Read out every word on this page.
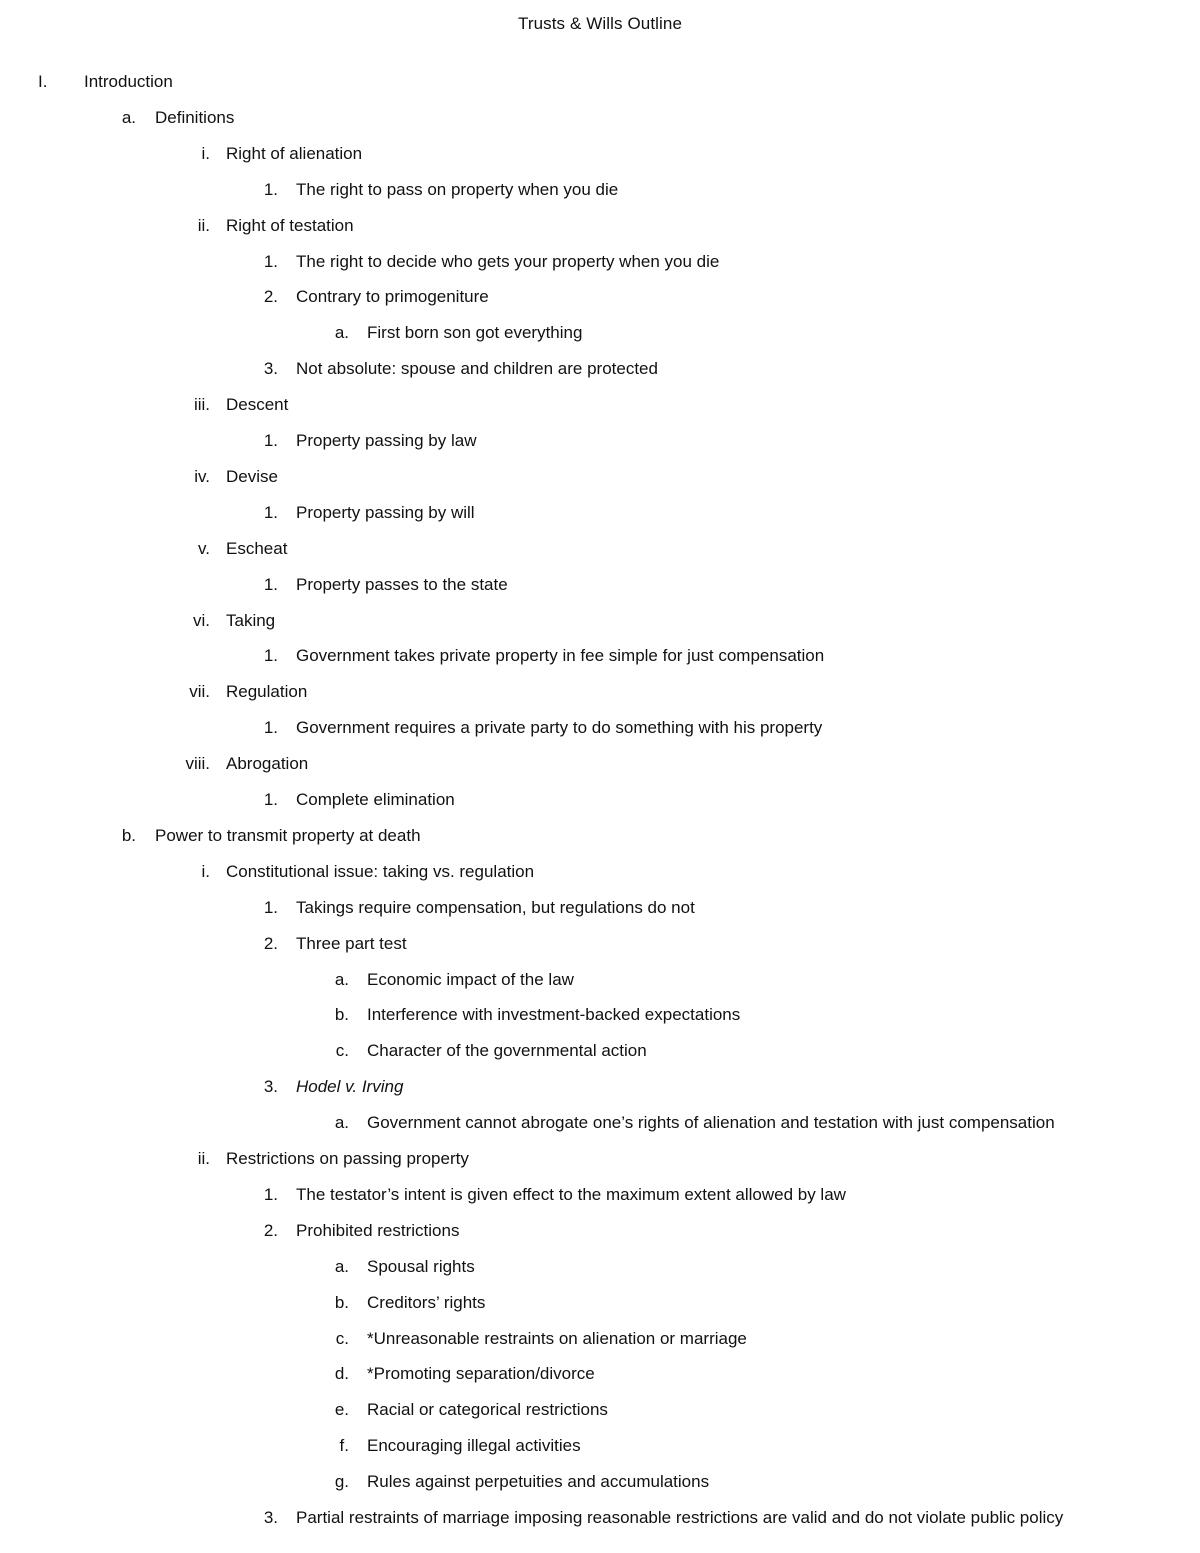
Trusts & Wills Outline
I.	Introduction
a. Definitions
i. Right of alienation
1. The right to pass on property when you die
ii. Right of testation
1. The right to decide who gets your property when you die
2. Contrary to primogeniture
a. First born son got everything
3. Not absolute: spouse and children are protected
iii. Descent
1. Property passing by law
iv. Devise
1. Property passing by will
v. Escheat
1. Property passes to the state
vi. Taking
1. Government takes private property in fee simple for just compensation
vii. Regulation
1. Government requires a private party to do something with his property
viii. Abrogation
1. Complete elimination
b. Power to transmit property at death
i. Constitutional issue: taking vs. regulation
1. Takings require compensation, but regulations do not
2. Three part test
a. Economic impact of the law
b. Interference with investment-backed expectations
c. Character of the governmental action
3. Hodel v. Irving
a. Government cannot abrogate one’s rights of alienation and testation with just compensation
ii. Restrictions on passing property
1. The testator’s intent is given effect to the maximum extent allowed by law
2. Prohibited restrictions
a. Spousal rights
b. Creditors’ rights
c. *Unreasonable restraints on alienation or marriage
d. *Promoting separation/divorce
e. Racial or categorical restrictions
f. Encouraging illegal activities
g. Rules against perpetuities and accumulations
3. Partial restraints of marriage imposing reasonable restrictions are valid and do not violate public policy
